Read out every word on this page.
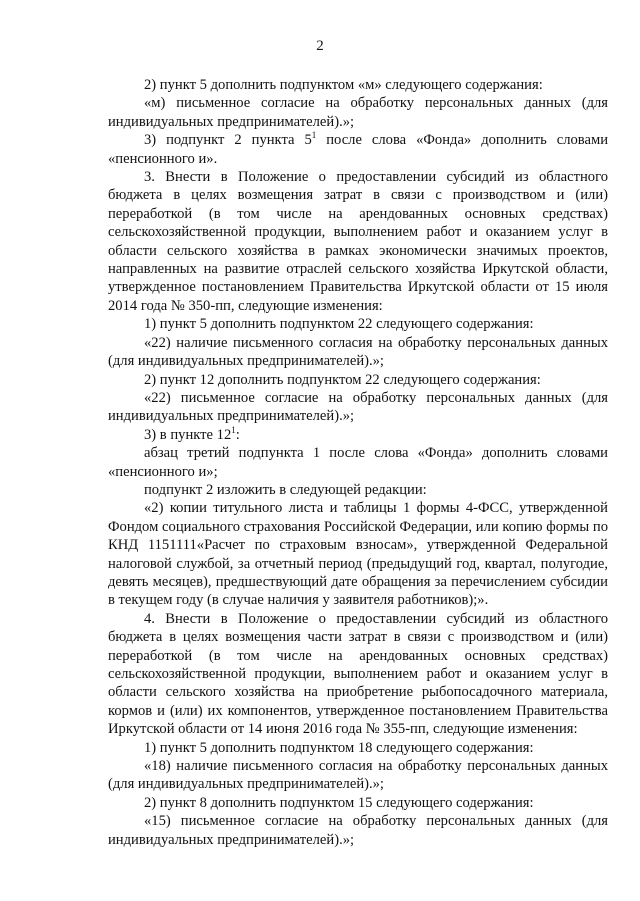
2

2) пункт 5 дополнить подпунктом «м» следующего содержания:

«м) письменное согласие на обработку персональных данных (для индивидуальных предпринимателей).»;

3) подпункт 2 пункта $5^1$ после слова «Фонда» дополнить словами «пенсионного и».

3. Внести в Положение о предоставлении субсидий из областного бюджета в целях возмещения затрат в связи с производством и (или) переработкой (в том числе на арендованных основных средствах) сельскохозяйственной продукции, выполнением работ и оказанием услуг в области сельского хозяйства в рамках экономически значимых проектов, направленных на развитие отраслей сельского хозяйства Иркутской области, утвержденное постановлением Правительства Иркутской области от 15 июля 2014 года № 350-пп, следующие изменения:

1) пункт 5 дополнить подпунктом 22 следующего содержания:

«22) наличие письменного согласия на обработку персональных данных (для индивидуальных предпринимателей).»;

2) пункт 12 дополнить подпунктом 22 следующего содержания:

«22) письменное согласие на обработку персональных данных (для индивидуальных предпринимателей).»;

3) в пункте $12^1$:

абзац третий подпункта 1 после слова «Фонда» дополнить словами «пенсионного и»;

подпункт 2 изложить в следующей редакции:

«2) копии титульного листа и таблицы 1 формы 4-ФСС, утвержденной Фондом социального страхования Российской Федерации, или копию формы по КНД 1151111«Расчет по страховым взносам», утвержденной Федеральной налоговой службой, за отчетный период (предыдущий год, квартал, полугодие, девять месяцев), предшествующий дате обращения за перечислением субсидии в текущем году (в случае наличия у заявителя работников);».

4. Внести в Положение о предоставлении субсидий из областного бюджета в целях возмещения части затрат в связи с производством и (или) переработкой (в том числе на арендованных основных средствах) сельскохозяйственной продукции, выполнением работ и оказанием услуг в области сельского хозяйства на приобретение рыбопосадочного материала, кормов и (или) их компонентов, утвержденное постановлением Правительства Иркутской области от 14 июня 2016 года № 355-пп, следующие изменения:

1) пункт 5 дополнить подпунктом 18 следующего содержания:

«18) наличие письменного согласия на обработку персональных данных (для индивидуальных предпринимателей).»;

2) пункт 8 дополнить подпунктом 15 следующего содержания:

«15) письменное согласие на обработку персональных данных (для индивидуальных предпринимателей).»;
